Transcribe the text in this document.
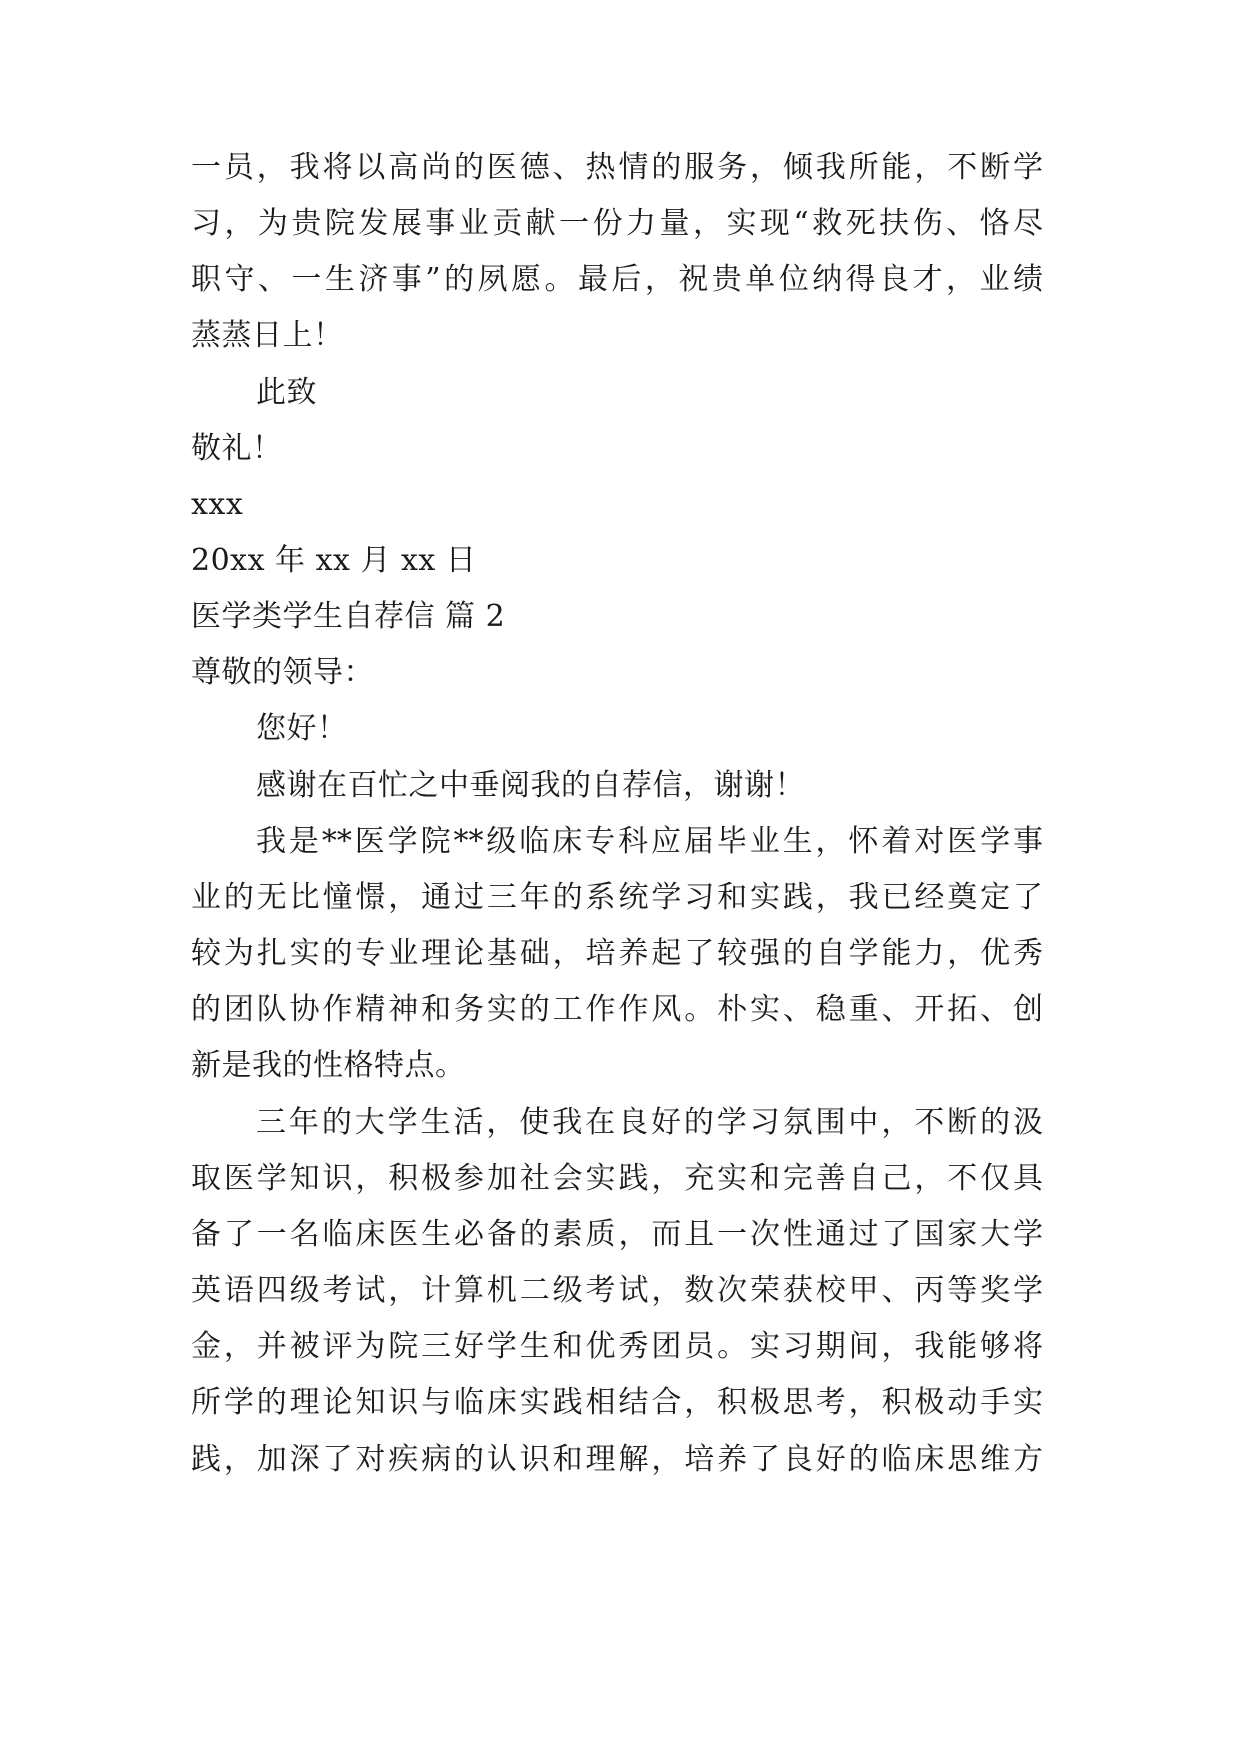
一员，我将以高尚的医德、热情的服务，倾我所能，不断学
习，为贵院发展事业贡献一份力量，实现“救死扶伤、恪尽
职守、一生济事”的夙愿。最后，祝贵单位纳得良才，业绩
蒸蒸日上！
此致
敬礼！
xxx
20xx 年 xx 月 xx 日
医学类学生自荐信 篇 2
尊敬的领导：
您好！
感谢在百忙之中垂阅我的自荐信，谢谢！
我是**医学院**级临床专科应届毕业生，怀着对医学事
业的无比憧憬，通过三年的系统学习和实践，我已经奠定了
较为扎实的专业理论基础，培养起了较强的自学能力，优秀
的团队协作精神和务实的工作作风。朴实、稳重、开拓、创
新是我的性格特点。
三年的大学生活，使我在良好的学习氛围中，不断的汲
取医学知识，积极参加社会实践，充实和完善自己，不仅具
备了一名临床医生必备的素质，而且一次性通过了国家大学
英语四级考试，计算机二级考试，数次荣获校甲、丙等奖学
金，并被评为院三好学生和优秀团员。实习期间，我能够将
所学的理论知识与临床实践相结合，积极思考，积极动手实
践，加深了对疾病的认识和理解，培养了良好的临床思维方
